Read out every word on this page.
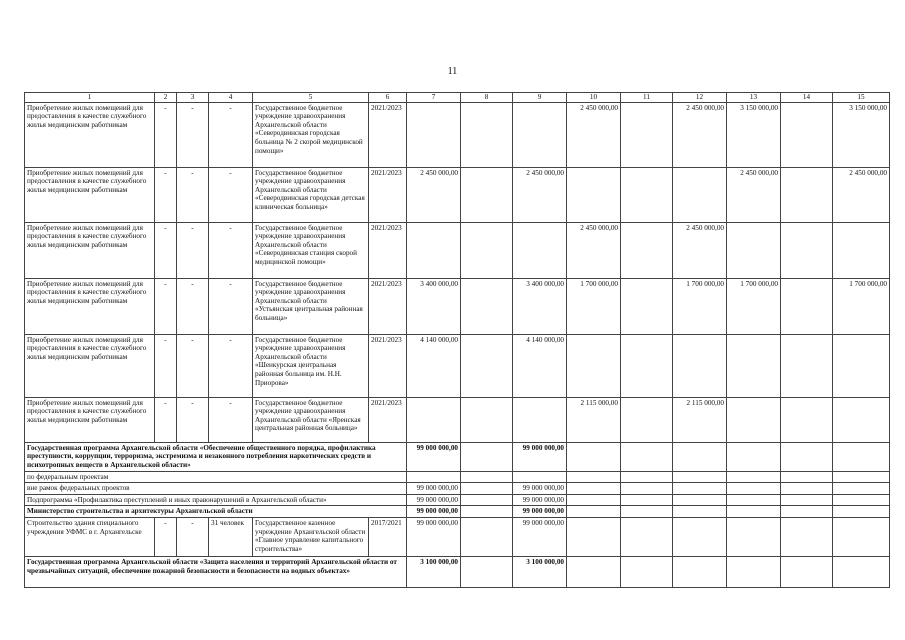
11
1	2	3	4	5	6	7	8	9	10	11	12	13	14	15
Приобретение жилых помещений для предоставления в качестве служебного жилья медицинским работникам	-	-	-	Государственное бюджетное учреждение здравоохранения Архангельской области «Северодвинская городская больница № 2 скорой медицинской помощи»	2021/2023				2 450 000,00		2 450 000,00	3 150 000,00		3 150 000,00
Приобретение жилых помещений для предоставления в качестве служебного жилья медицинским работникам	-	-	-	Государственное бюджетное учреждение здравоохранения Архангельской области «Северодвинская городская детская клиническая больница»	2021/2023	2 450 000,00		2 450 000,00				2 450 000,00		2 450 000,00
Приобретение жилых помещений для предоставления в качестве служебного жилья медицинским работникам	-	-	-	Государственное бюджетное учреждение здравоохранения Архангельской области «Северодвинская станция скорой медицинской помощи»	2021/2023				2 450 000,00		2 450 000,00			
Приобретение жилых помещений для предоставления в качестве служебного жилья медицинским работникам	-	-	-	Государственное бюджетное учреждение здравоохранения Архангельской области «Устьянская центральная районная больница»	2021/2023	3 400 000,00		3 400 000,00	1 700 000,00		1 700 000,00	1 700 000,00		1 700 000,00
Приобретение жилых помещений для предоставления в качестве служебного жилья медицинским работникам	-	-	-	Государственное бюджетное учреждение здравоохранения Архангельской области «Шенкурская центральная районная больница им. Н.Н. Приорова»	2021/2023	4 140 000,00		4 140 000,00						
Приобретение жилых помещений для предоставления в качестве служебного жилья медицинским работникам	-	-	-	Государственное бюджетное учреждение здравоохранения Архангельской области «Яренская центральная районная больница»	2021/2023				2 115 000,00		2 115 000,00			
Государственная программа Архангельской области «Обеспечение общественного порядка, профилактика преступности, коррупции, терроризма, экстремизма и незаконного потребления наркотических средств и психотропных веществ в Архангельской области»						99 000 000,00		99 000 000,00						
по федеральным проектам														
вне рамок федеральных проектов						99 000 000,00		99 000 000,00						
Подпрограмма «Профилактика преступлений и иных правонарушений в Архангельской области»						99 000 000,00		99 000 000,00						
Министерство строительства и архитектуры Архангельской области						99 000 000,00		99 000 000,00						
Строительство здания специального учреждения УФМС в г. Архангельске	-	-	31 человек	Государственное казенное учреждение Архангельской области «Главное управление капитального строительства»	2017/2021	99 000 000,00		99 000 000,00						
Государственная программа Архангельской области «Защита населения и территорий Архангельской области от чрезвычайных ситуаций, обеспечение пожарной безопасности и безопасности на водных объектах»						3 100 000,00		3 100 000,00						
